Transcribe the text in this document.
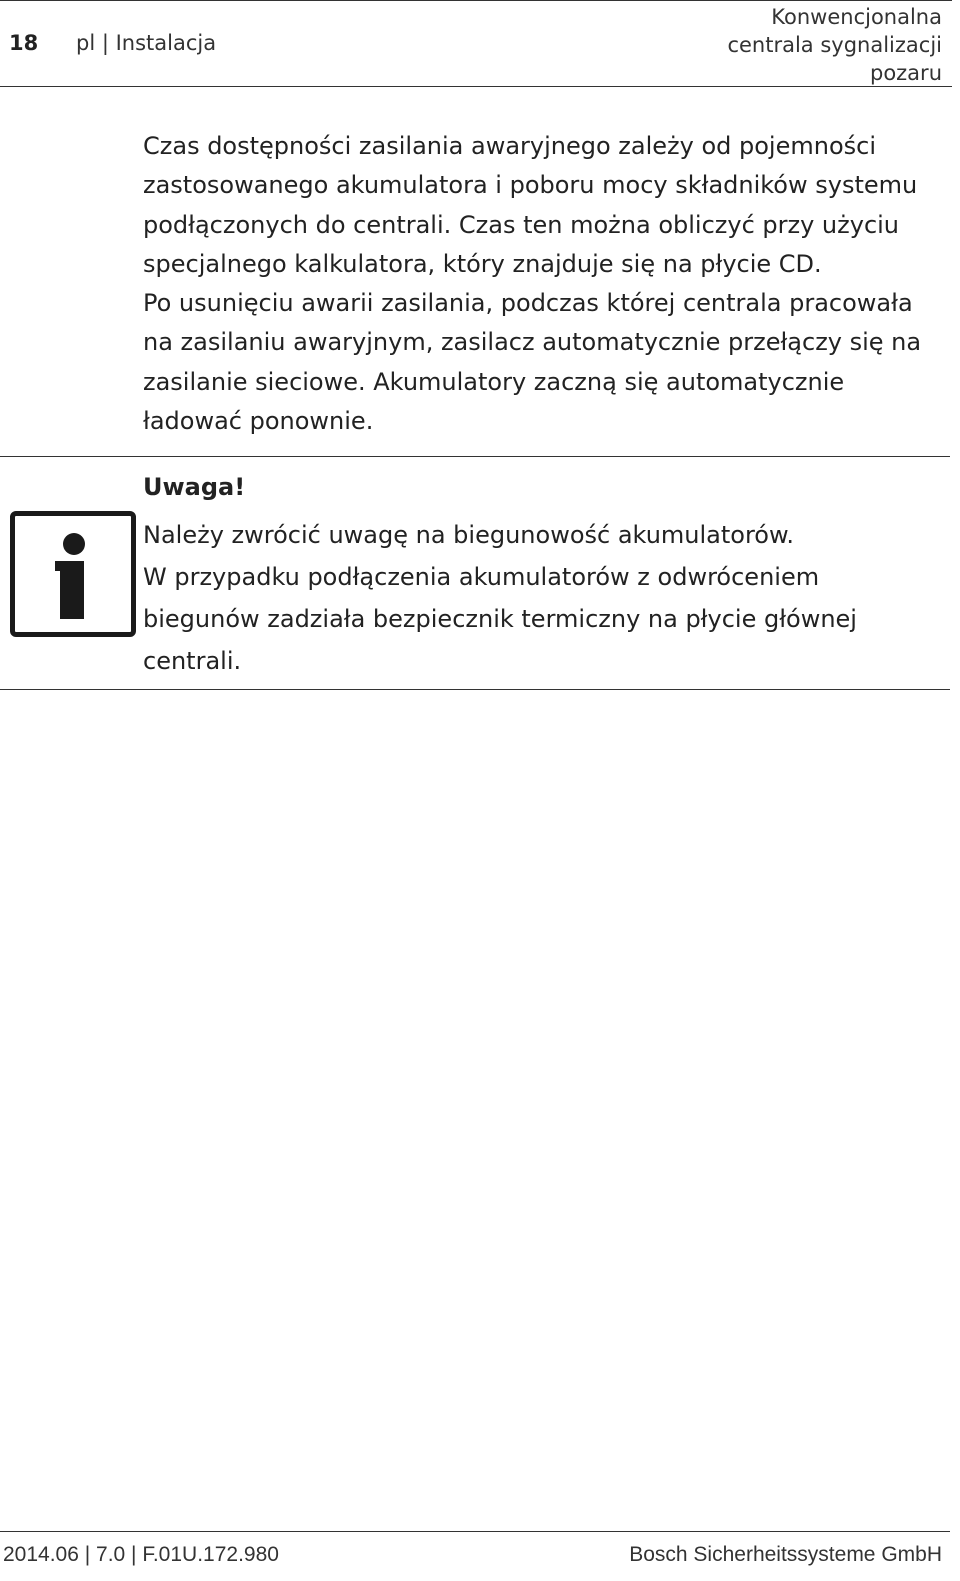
18 pl | Instalacja
Konwencjonalna
centrala sygnalizacji
pozaru

Czas dostępności zasilania awaryjnego zależy od pojemności zastosowanego akumulatora i poboru mocy składników systemu podłączonych do centrali. Czas ten można obliczyć przy użyciu specjalnego kalkulatora, który znajduje się na płycie CD.

Po usunięciu awarii zasilania, podczas której centrala pracowała na zasilaniu awaryjnym, zasilacz automatycznie przełączy się na zasilanie sieciowe. Akumulatory zaczną się automatycznie ładować ponownie.

Uwaga!

Należy zwrócić uwagę na biegunowość akumulatorów.

W przypadku podłączenia akumulatorów z odwróceniem biegunów zadziała bezpiecznik termiczny na płycie głównej centrali.

2014.06 | 7.0 | F.01U.172.980	Bosch Sicherheitssysteme GmbH
